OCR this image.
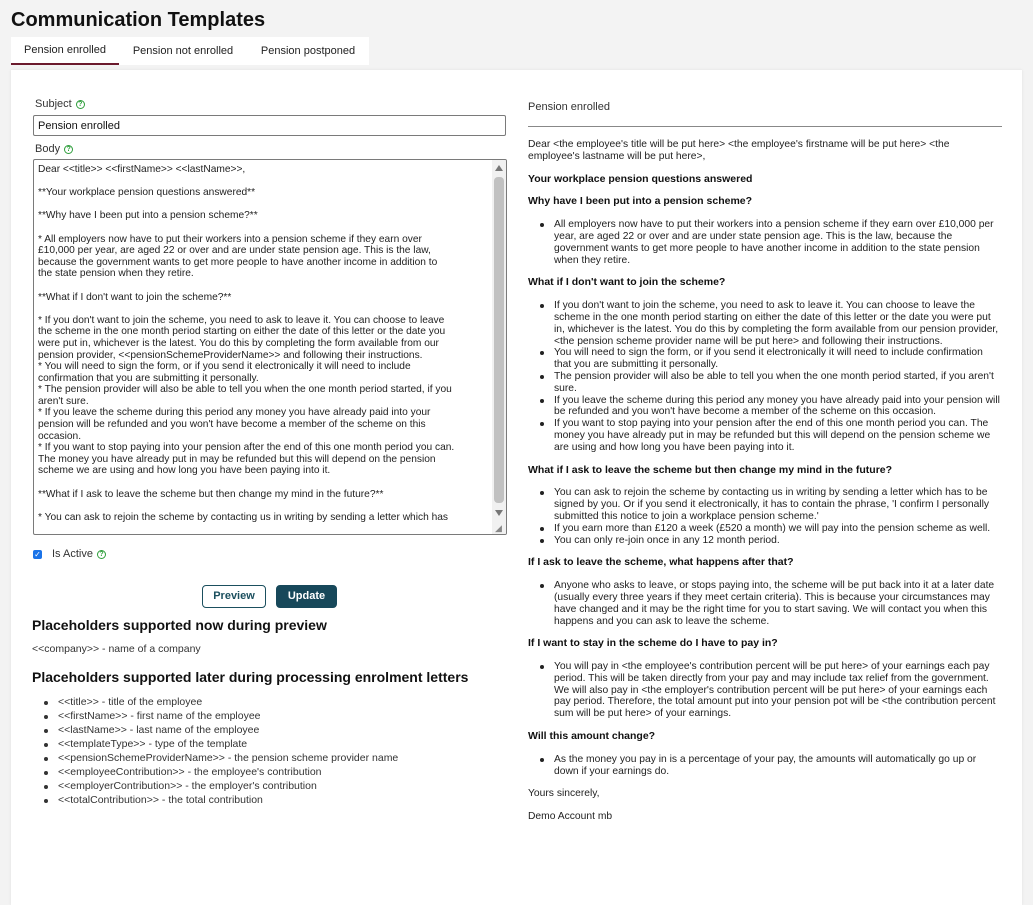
Communication Templates
Pension enrolled	Pension not enrolled	Pension postponed
Subject ?
Pension enrolled
Body ?
Dear <<title>> <<firstName>> <<lastName>>,

**Your workplace pension questions answered**

**Why have I been put into a pension scheme?**

* All employers now have to put their workers into a pension scheme if they earn over
£10,000 per year, are aged 22 or over and are under state pension age. This is the law,
because the government wants to get more people to have another income in addition to
the state pension when they retire.

**What if I don't want to join the scheme?**

* If you don't want to join the scheme, you need to ask to leave it. You can choose to leave
the scheme in the one month period starting on either the date of this letter or the date you
were put in, whichever is the latest. You do this by completing the form available from our
pension provider, <<pensionSchemeProviderName>> and following their instructions.
* You will need to sign the form, or if you send it electronically it will need to include
confirmation that you are submitting it personally.
* The pension provider will also be able to tell you when the one month period started, if you
aren't sure.
* If you leave the scheme during this period any money you have already paid into your
pension will be refunded and you won't have become a member of the scheme on this
occasion.
* If you want to stop paying into your pension after the end of this one month period you can.
The money you have already put in may be refunded but this will depend on the pension
scheme we are using and how long you have been paying into it.

**What if I ask to leave the scheme but then change my mind in the future?**

* You can ask to rejoin the scheme by contacting us in writing by sending a letter which has
◢
✓ Is Active ?
Preview	Update
Placeholders supported now during preview
<<company>> - name of a company
Placeholders supported later during processing enrolment letters
<<title>> - title of the employee
<<firstName>> - first name of the employee
<<lastName>> - last name of the employee
<<templateType>> - type of the template
<<pensionSchemeProviderName>> - the pension scheme provider name
<<employeeContribution>> - the employee's contribution
<<employerContribution>> - the employer's contribution
<<totalContribution>> - the total contribution
Pension enrolled

Dear <the employee's title will be put here> <the employee's firstname will be put here> <the employee's lastname will be put here>,

Your workplace pension questions answered
Why have I been put into a pension scheme?
All employers now have to put their workers into a pension scheme if they earn over £10,000 per year, are aged 22 or over and are under state pension age. This is the law, because the government wants to get more people to have another income in addition to the state pension when they retire.
What if I don't want to join the scheme?
If you don't want to join the scheme, you need to ask to leave it. You can choose to leave the scheme in the one month period starting on either the date of this letter or the date you were put in, whichever is the latest. You do this by completing the form available from our pension provider, <the pension scheme provider name will be put here> and following their instructions.
You will need to sign the form, or if you send it electronically it will need to include confirmation that you are submitting it personally.
The pension provider will also be able to tell you when the one month period started, if you aren't sure.
If you leave the scheme during this period any money you have already paid into your pension will be refunded and you won't have become a member of the scheme on this occasion.
If you want to stop paying into your pension after the end of this one month period you can. The money you have already put in may be refunded but this will depend on the pension scheme we are using and how long you have been paying into it.
What if I ask to leave the scheme but then change my mind in the future?
You can ask to rejoin the scheme by contacting us in writing by sending a letter which has to be signed by you. Or if you send it electronically, it has to contain the phrase, 'I confirm I personally submitted this notice to join a workplace pension scheme.'
If you earn more than £120 a week (£520 a month) we will pay into the pension scheme as well.
You can only re-join once in any 12 month period.
If I ask to leave the scheme, what happens after that?
Anyone who asks to leave, or stops paying into, the scheme will be put back into it at a later date (usually every three years if they meet certain criteria). This is because your circumstances may have changed and it may be the right time for you to start saving. We will contact you when this happens and you can ask to leave the scheme.
If I want to stay in the scheme do I have to pay in?
You will pay in <the employee's contribution percent will be put here> of your earnings each pay period. This will be taken directly from your pay and may include tax relief from the government. We will also pay in <the employer's contribution percent will be put here> of your earnings each pay period. Therefore, the total amount put into your pension pot will be <the contribution percent sum will be put here> of your earnings.
Will this amount change?
As the money you pay in is a percentage of your pay, the amounts will automatically go up or down if your earnings do.

Yours sincerely,

Demo Account mb
